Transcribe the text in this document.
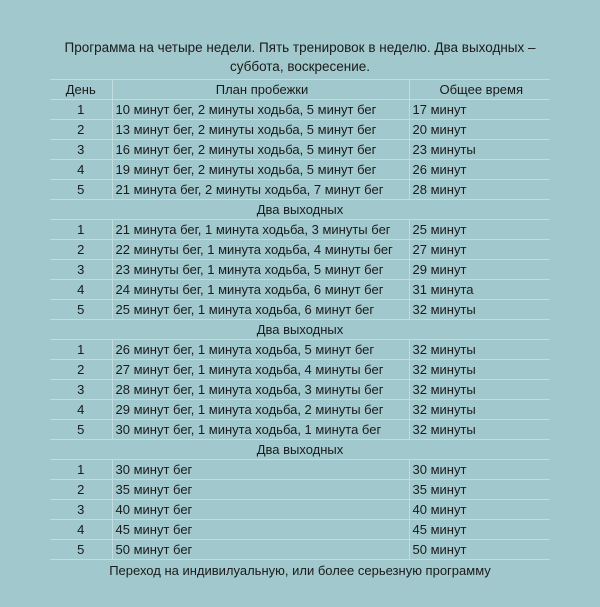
Программа на четыре недели. Пять тренировок в неделю. Два выходных – суббота, воскресение.
День	План пробежки	Общее время
1	10 минут бег, 2 минуты ходьба, 5 минут бег	17 минут
2	13 минут бег, 2 минуты ходьба, 5 минут бег	20 минут
3	16 минут бег, 2 минуты ходьба, 5 минут бег	23 минуты
4	19 минут бег, 2 минуты ходьба, 5 минут бег	26 минут
5	21 минута бег, 2 минуты ходьба, 7 минут бег	28 минут
Два выходных		
1	21 минута бег, 1 минута ходьба, 3 минуты бег	25 минут
2	22 минуты бег, 1 минута ходьба, 4 минуты бег	27 минут
3	23 минуты бег, 1 минута ходьба, 5 минут бег	29 минут
4	24 минуты бег, 1 минута ходьба, 6 минут бег	31 минута
5	25 минут бег, 1 минута ходьба, 6 минут бег	32 минуты
Два выходных		
1	26 минут бег, 1 минута ходьба, 5 минут бег	32 минуты
2	27 минут бег, 1 минута ходьба, 4 минуты бег	32 минуты
3	28 минут бег, 1 минута ходьба, 3 минуты бег	32 минуты
4	29 минут бег, 1 минута ходьба, 2 минуты бег	32 минуты
5	30 минут бег, 1 минута ходьба, 1 минута бег	32 минуты
Два выходных		
1	30 минут бег	30 минут
2	35 минут бег	35 минут
3	40 минут бег	40 минут
4	45 минут бег	45 минут
5	50 минут бег	50 минут
Переход на индивилуальную, или более серьезную программу
